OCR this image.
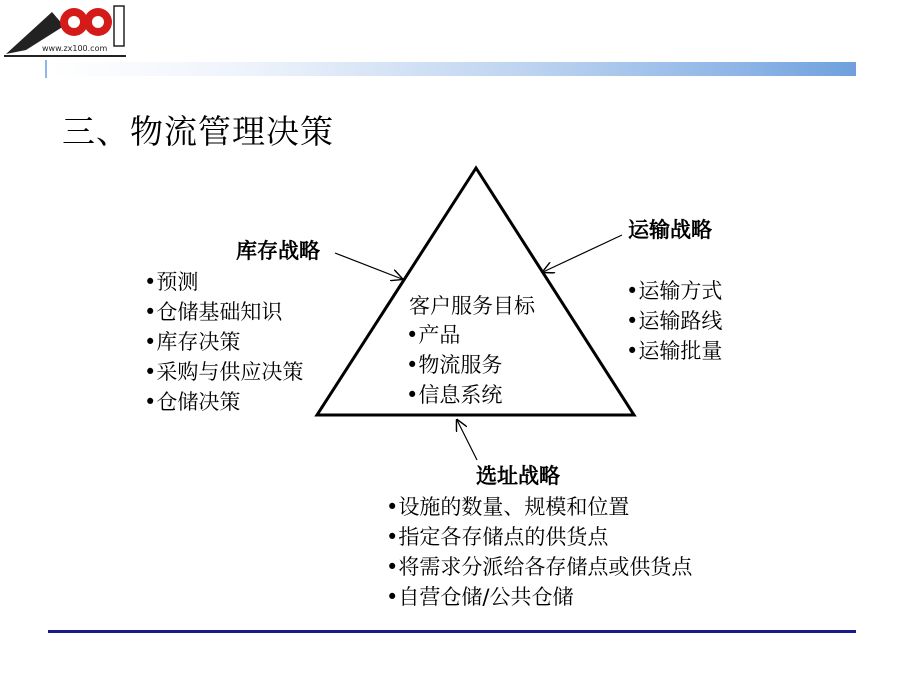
www.zx100.com
三、物流管理决策
客户服务目标
• 产品
• 物流服务
• 信息系统
库存战略
• 预测
• 仓储基础知识
• 库存决策
• 采购与供应决策
• 仓储决策
运输战略
• 运输方式
• 运输路线
• 运输批量
选址战略
• 设施的数量、规模和位置
• 指定各存储点的供货点
• 将需求分派给各存储点或供货点
• 自营仓储/公共仓储
